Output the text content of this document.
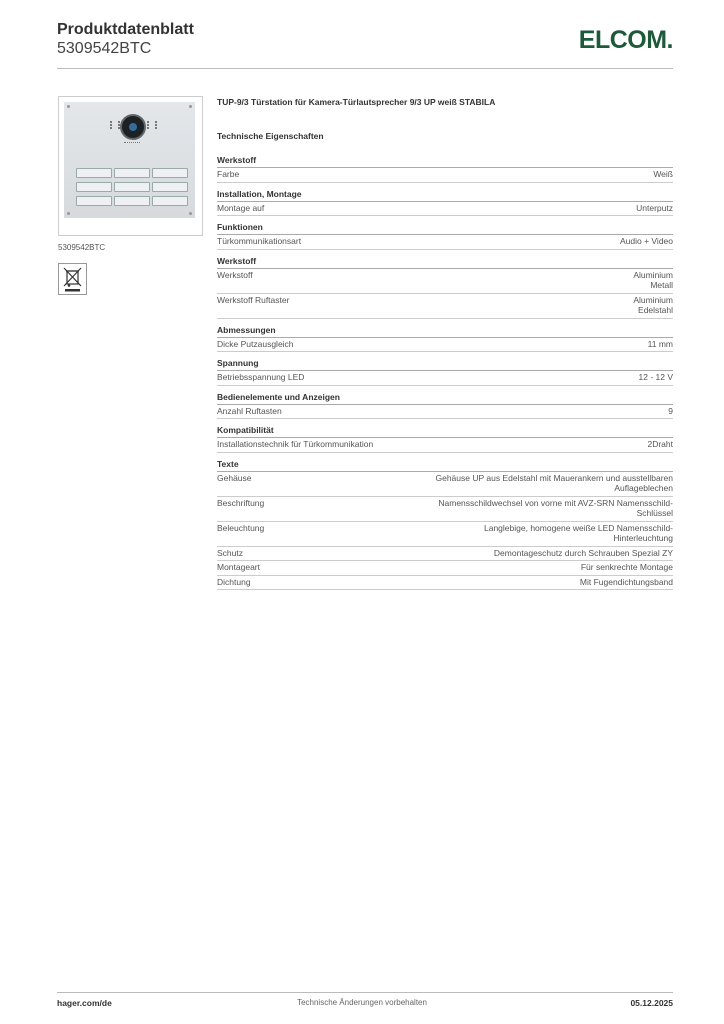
Produktdatenblatt
5309542BTC	ELCOM.
5309542BTC
TUP-9/3 Türstation für Kamera-Türlautsprecher 9/3 UP weiß STABILA
Technische Eigenschaften
Werkstoff
Farbe	Weiß
Installation, Montage
Montage auf	Unterputz
Funktionen
Türkommunikationsart	Audio + Video
Werkstoff
Werkstoff	Aluminium
Metall
Werkstoff Ruftaster	Aluminium
Edelstahl
Abmessungen
Dicke Putzausgleich	11 mm
Spannung
Betriebsspannung LED	12 - 12 V
Bedienelemente und Anzeigen
Anzahl Ruftasten	9
Kompatibilität
Installationstechnik für Türkommunikation	2Draht
Texte
Gehäuse	Gehäuse UP aus Edelstahl mit Mauerankern und ausstellbaren
Auflageblechen
Beschriftung	Namensschildwechsel von vorne mit AVZ-SRN Namensschild-
Schlüssel
Beleuchtung	Langlebige, homogene weiße LED Namensschild-
Hinterleuchtung
Schutz	Demontageschutz durch Schrauben Spezial ZY
Montageart	Für senkrechte Montage
Dichtung	Mit Fugendichtungsband
hager.com/de	Technische Änderungen vorbehalten	05.12.2025
